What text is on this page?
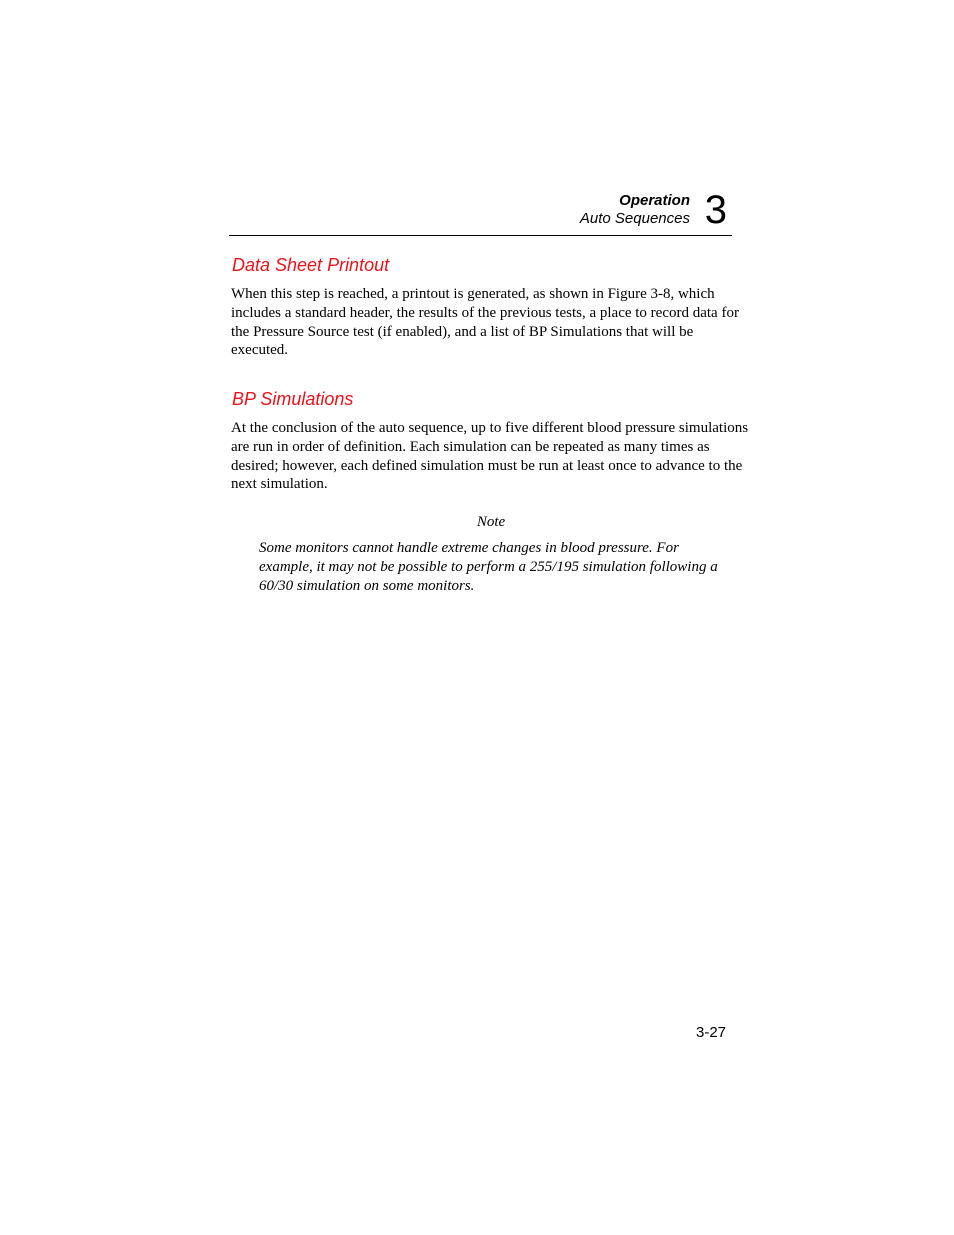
Operation
Auto Sequences 3
Data Sheet Printout

When this step is reached, a printout is generated, as shown in Figure 3-8, which includes a standard header, the results of the previous tests, a place to record data for the Pressure Source test (if enabled), and a list of BP Simulations that will be executed.

BP Simulations

At the conclusion of the auto sequence, up to five different blood pressure simulations are run in order of definition. Each simulation can be repeated as many times as desired; however, each defined simulation must be run at least once to advance to the next simulation.

Note

Some monitors cannot handle extreme changes in blood pressure. For example, it may not be possible to perform a 255/195 simulation following a 60/30 simulation on some monitors.

3-27
